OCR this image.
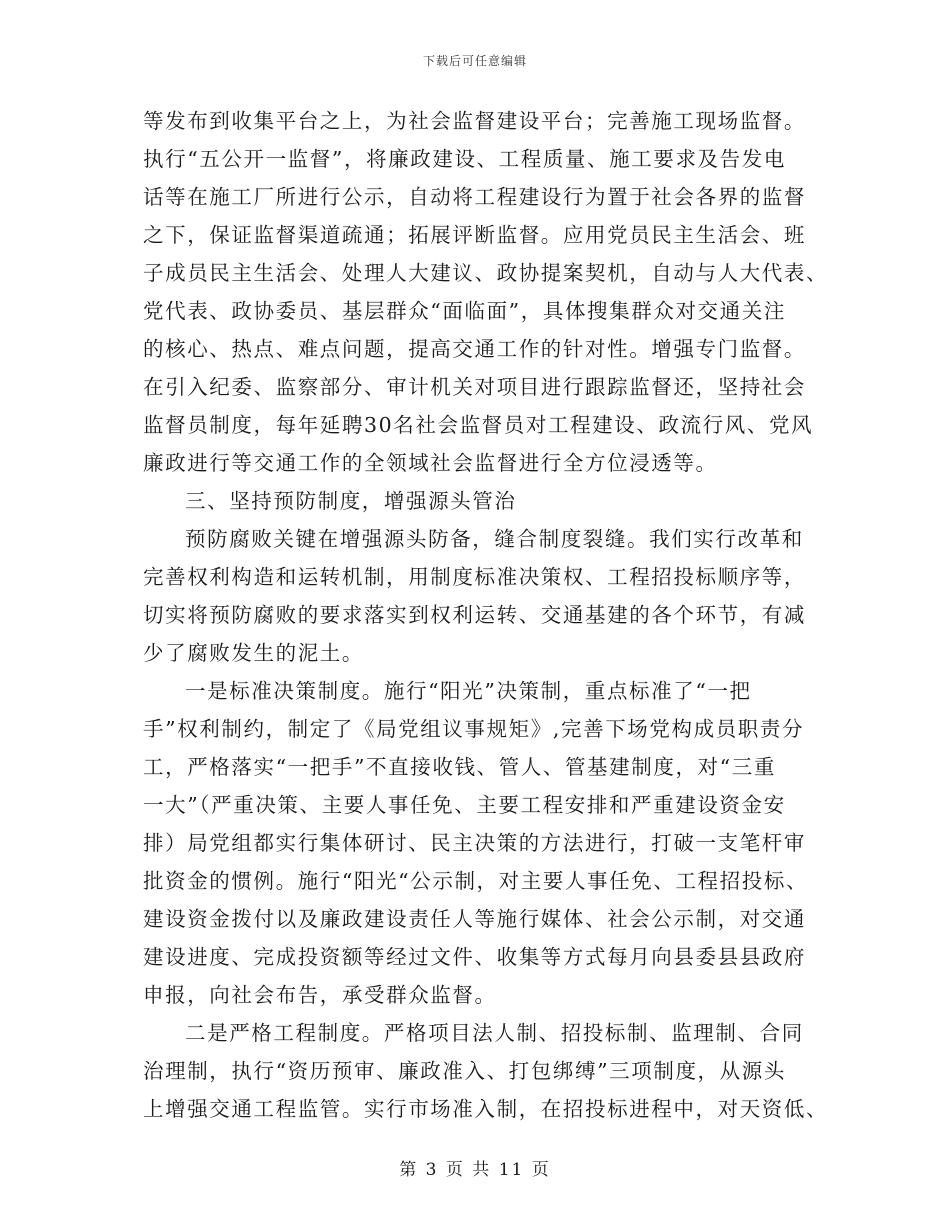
下载后可任意编辑
等发布到收集平台之上，为社会监督建设平台；完善施工现场监督。
执行“五公开一监督”，将廉政建设、工程质量、施工要求及告发电
话等在施工厂所进行公示，自动将工程建设行为置于社会各界的监督
之下，保证监督渠道疏通；拓展评断监督。应用党员民主生活会、班
子成员民主生活会、处理人大建议、政协提案契机，自动与人大代表、
党代表、政协委员、基层群众“面临面”，具体搜集群众对交通关注
的核心、热点、难点问题，提高交通工作的针对性。增强专门监督。
在引入纪委、监察部分、审计机关对项目进行跟踪监督还，坚持社会
监督员制度，每年延聘30名社会监督员对工程建设、政流行风、党风
廉政进行等交通工作的全领域社会监督进行全方位浸透等。
三、坚持预防制度，增强源头管治
预防腐败关键在增强源头防备，缝合制度裂缝。我们实行改革和
完善权利构造和运转机制，用制度标准决策权、工程招投标顺序等，
切实将预防腐败的要求落实到权利运转、交通基建的各个环节，有减
少了腐败发生的泥土。
一是标准决策制度。施行“阳光”决策制，重点标准了“一把
手”权利制约，制定了《局党组议事规矩》,完善下场党构成员职责分
工，严格落实“一把手”不直接收钱、管人、管基建制度，对“三重
一大”（严重决策、主要人事任免、主要工程安排和严重建设资金安
排）局党组都实行集体研讨、民主决策的方法进行，打破一支笔杆审
批资金的惯例。施行“阳光“公示制，对主要人事任免、工程招投标、
建设资金拨付以及廉政建设责任人等施行媒体、社会公示制，对交通
建设进度、完成投资额等经过文件、收集等方式每月向县委县县政府
申报，向社会布告，承受群众监督。
二是严格工程制度。严格项目法人制、招投标制、监理制、合同
治理制，执行“资历预审、廉政准入、打包绑缚”三项制度，从源头
上增强交通工程监管。实行市场准入制，在招投标进程中，对天资低、
第 3 页 共 11 页
